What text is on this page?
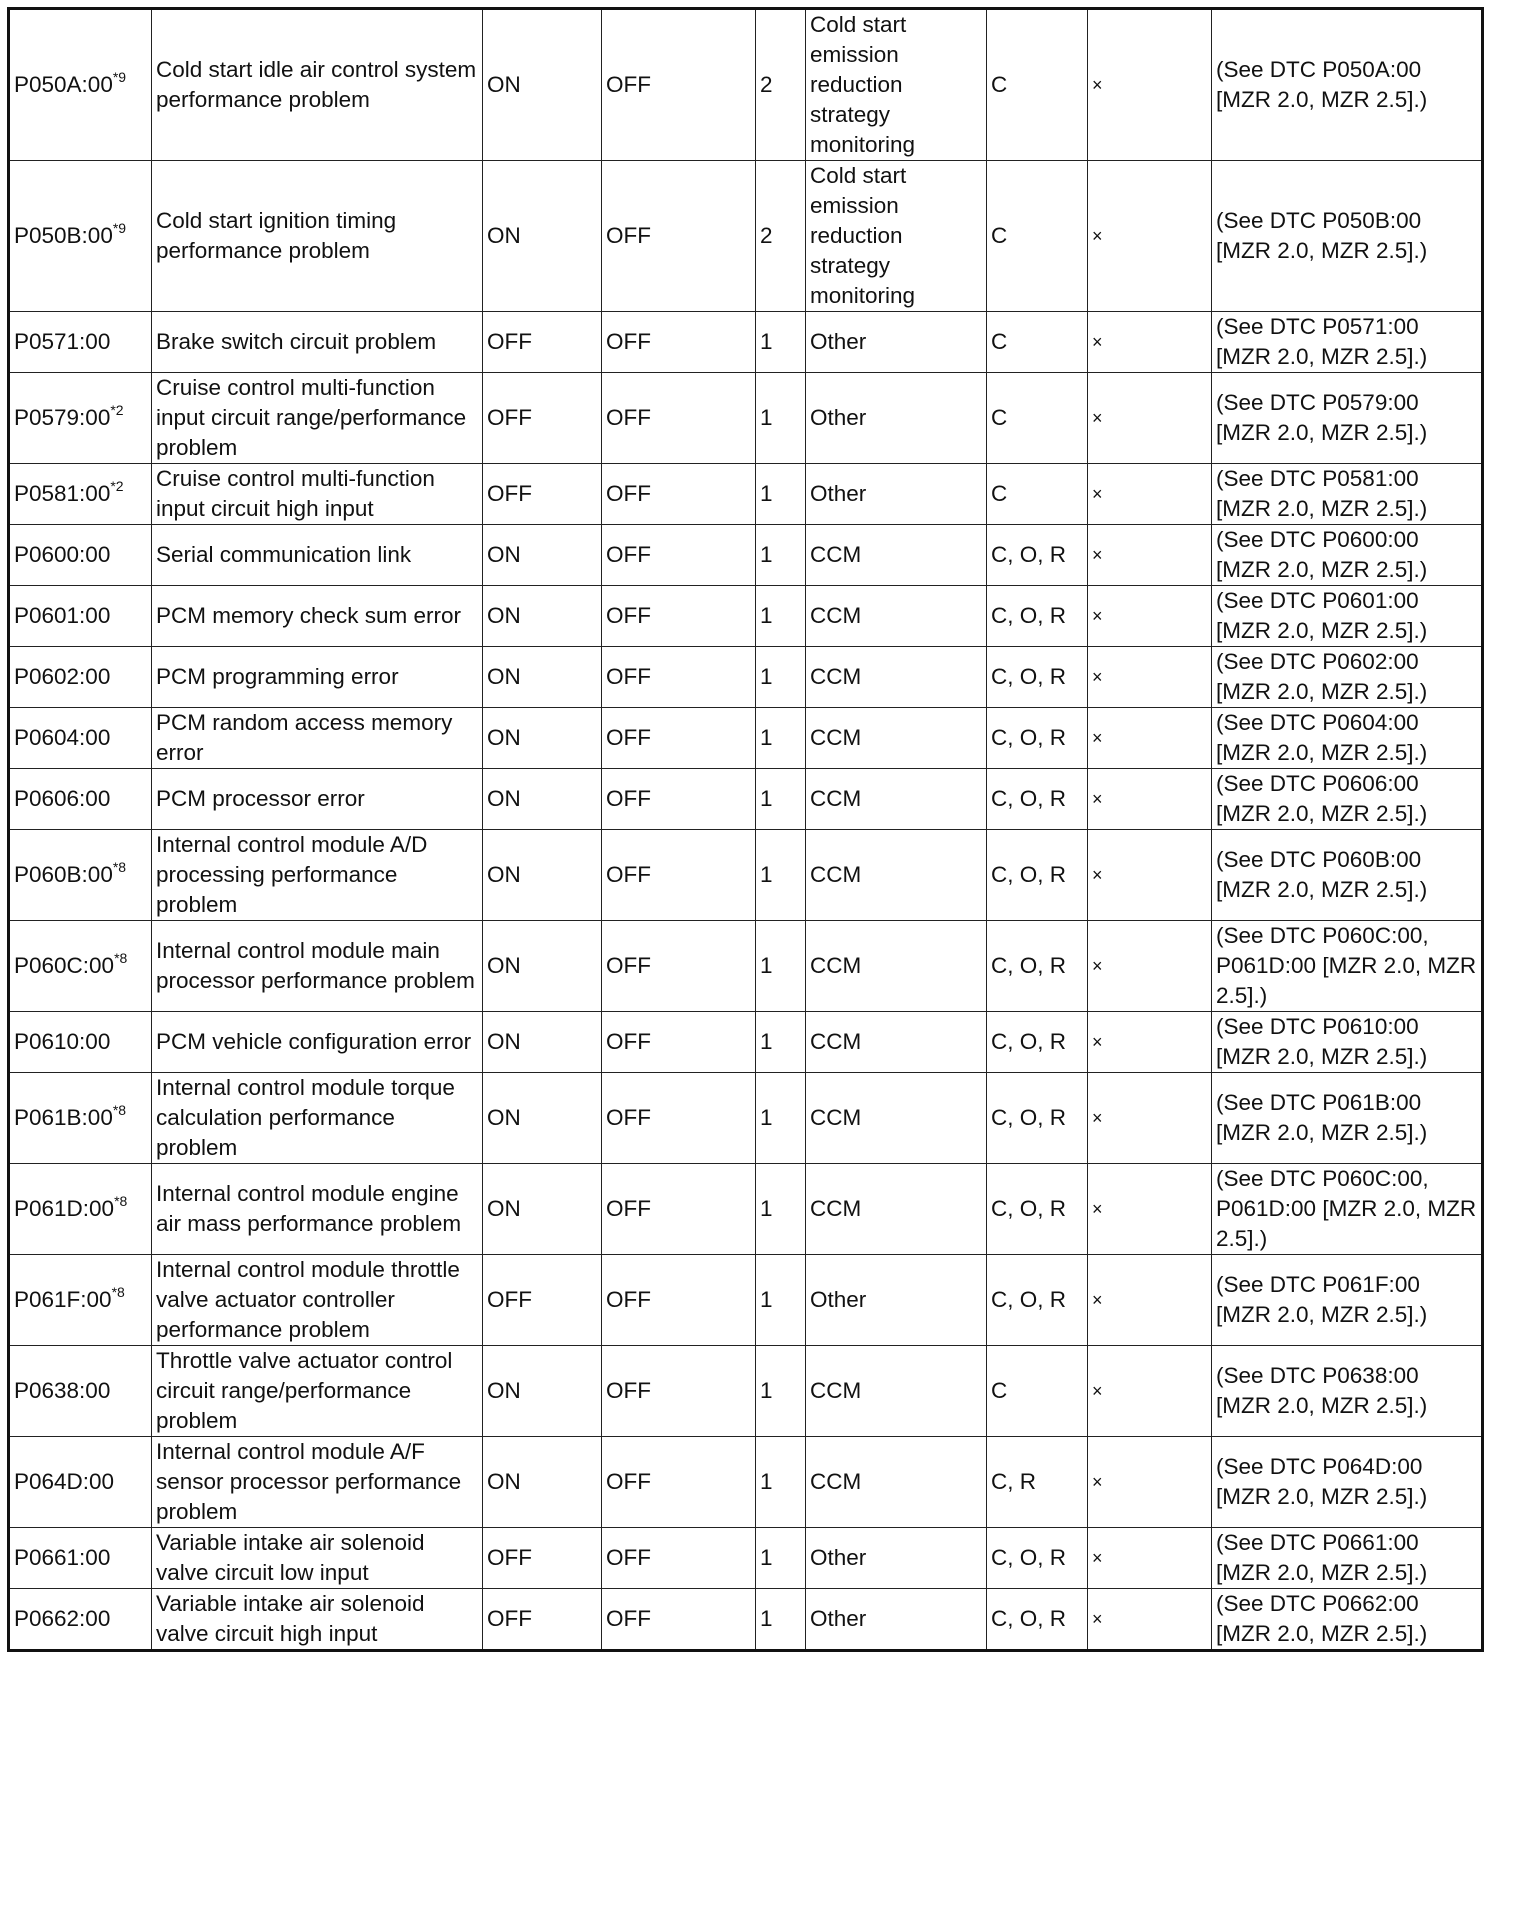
P050A:00$^{*9}$	Cold start idle air control system performance problem	ON	OFF	2	Cold start emission reduction strategy monitoring	C	×	(See DTC P050A:00 [MZR 2.0, MZR 2.5].)
P050B:00$^{*9}$	Cold start ignition timing performance problem	ON	OFF	2	Cold start emission reduction strategy monitoring	C	×	(See DTC P050B:00 [MZR 2.0, MZR 2.5].)
P0571:00	Brake switch circuit problem	OFF	OFF	1	Other	C	×	(See DTC P0571:00 [MZR 2.0, MZR 2.5].)
P0579:00$^{*2}$	Cruise control multi-function input circuit range/performance problem	OFF	OFF	1	Other	C	×	(See DTC P0579:00 [MZR 2.0, MZR 2.5].)
P0581:00$^{*2}$	Cruise control multi-function input circuit high input	OFF	OFF	1	Other	C	×	(See DTC P0581:00 [MZR 2.0, MZR 2.5].)
P0600:00	Serial communication link	ON	OFF	1	CCM	C, O, R	×	(See DTC P0600:00 [MZR 2.0, MZR 2.5].)
P0601:00	PCM memory check sum error	ON	OFF	1	CCM	C, O, R	×	(See DTC P0601:00 [MZR 2.0, MZR 2.5].)
P0602:00	PCM programming error	ON	OFF	1	CCM	C, O, R	×	(See DTC P0602:00 [MZR 2.0, MZR 2.5].)
P0604:00	PCM random access memory error	ON	OFF	1	CCM	C, O, R	×	(See DTC P0604:00 [MZR 2.0, MZR 2.5].)
P0606:00	PCM processor error	ON	OFF	1	CCM	C, O, R	×	(See DTC P0606:00 [MZR 2.0, MZR 2.5].)
P060B:00$^{*8}$	Internal control module A/D processing performance problem	ON	OFF	1	CCM	C, O, R	×	(See DTC P060B:00 [MZR 2.0, MZR 2.5].)
P060C:00$^{*8}$	Internal control module main processor performance problem	ON	OFF	1	CCM	C, O, R	×	(See DTC P060C:00, P061D:00 [MZR 2.0, MZR 2.5].)
P0610:00	PCM vehicle configuration error	ON	OFF	1	CCM	C, O, R	×	(See DTC P0610:00 [MZR 2.0, MZR 2.5].)
P061B:00$^{*8}$	Internal control module torque calculation performance problem	ON	OFF	1	CCM	C, O, R	×	(See DTC P061B:00 [MZR 2.0, MZR 2.5].)
P061D:00$^{*8}$	Internal control module engine air mass performance problem	ON	OFF	1	CCM	C, O, R	×	(See DTC P060C:00, P061D:00 [MZR 2.0, MZR 2.5].)
P061F:00$^{*8}$	Internal control module throttle valve actuator controller performance problem	OFF	OFF	1	Other	C, O, R	×	(See DTC P061F:00 [MZR 2.0, MZR 2.5].)
P0638:00	Throttle valve actuator control circuit range/performance problem	ON	OFF	1	CCM	C	×	(See DTC P0638:00 [MZR 2.0, MZR 2.5].)
P064D:00	Internal control module A/F sensor processor performance problem	ON	OFF	1	CCM	C, R	×	(See DTC P064D:00 [MZR 2.0, MZR 2.5].)
P0661:00	Variable intake air solenoid valve circuit low input	OFF	OFF	1	Other	C, O, R	×	(See DTC P0661:00 [MZR 2.0, MZR 2.5].)
P0662:00	Variable intake air solenoid valve circuit high input	OFF	OFF	1	Other	C, O, R	×	(See DTC P0662:00 [MZR 2.0, MZR 2.5].)
